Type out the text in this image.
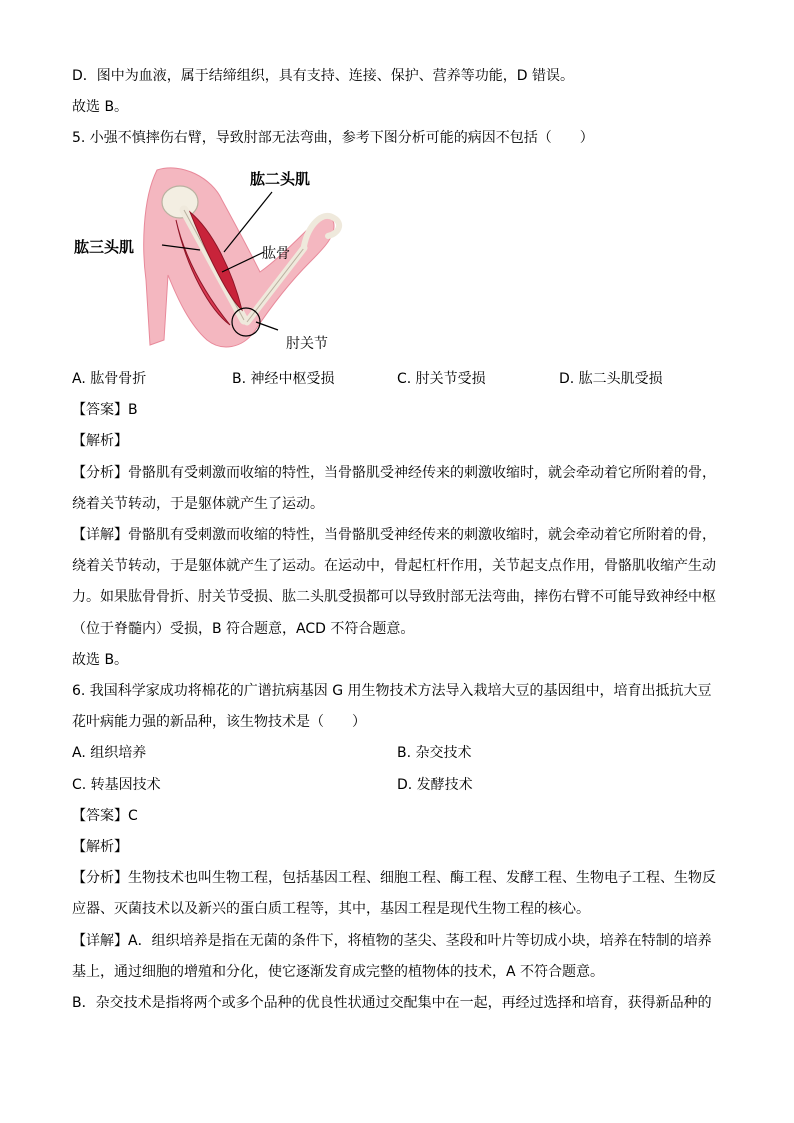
D．图中为血液，属于结缔组织，具有支持、连接、保护、营养等功能，D 错误。
故选 B。
5. 小强不慎摔伤右臂，导致肘部无法弯曲，参考下图分析可能的病因不包括（　　）
肱二头肌
肱骨
肱三头肌
肘关节
A. 肱骨骨折	B. 神经中枢受损	C. 肘关节受损	D. 肱二头肌受损
【答案】B
【解析】
【分析】骨骼肌有受刺激而收缩的特性，当骨骼肌受神经传来的刺激收缩时，就会牵动着它所附着的骨，
绕着关节转动，于是躯体就产生了运动。
【详解】骨骼肌有受刺激而收缩的特性，当骨骼肌受神经传来的刺激收缩时，就会牵动着它所附着的骨，
绕着关节转动，于是躯体就产生了运动。在运动中，骨起杠杆作用，关节起支点作用，骨骼肌收缩产生动
力。如果肱骨骨折、肘关节受损、肱二头肌受损都可以导致肘部无法弯曲，摔伤右臂不可能导致神经中枢
（位于脊髓内）受损，B 符合题意，ACD 不符合题意。
故选 B。
6. 我国科学家成功将棉花的广谱抗病基因 G 用生物技术方法导入栽培大豆的基因组中，培育出抵抗大豆
花叶病能力强的新品种，该生物技术是（　　）
A. 组织培养	B. 杂交技术
C. 转基因技术	D. 发酵技术
【答案】C
【解析】
【分析】生物技术也叫生物工程，包括基因工程、细胞工程、酶工程、发酵工程、生物电子工程、生物反
应器、灭菌技术以及新兴的蛋白质工程等，其中，基因工程是现代生物工程的核心。
【详解】A．组织培养是指在无菌的条件下，将植物的茎尖、茎段和叶片等切成小块，培养在特制的培养
基上，通过细胞的增殖和分化，使它逐渐发育成完整的植物体的技术，A 不符合题意。
B．杂交技术是指将两个或多个品种的优良性状通过交配集中在一起，再经过选择和培育，获得新品种的
